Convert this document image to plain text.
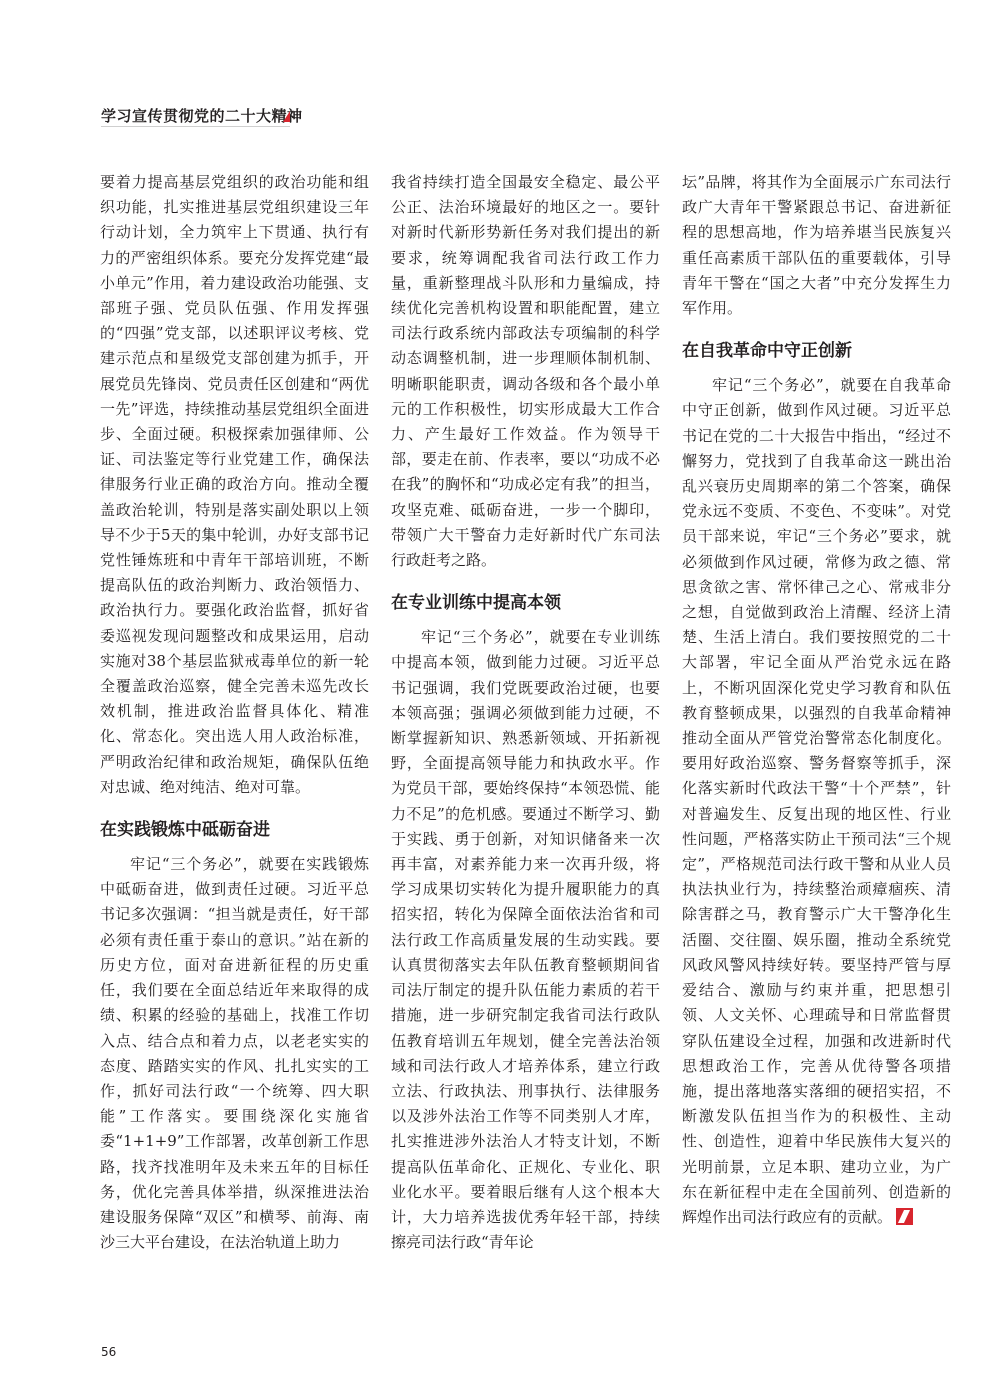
学习宣传贯彻党的二十大精神

要着力提高基层党组织的政治功能和组织功能，扎实推进基层党组织建设三年行动计划，全力筑牢上下贯通、执行有力的严密组织体系。要充分发挥党建“最小单元”作用，着力建设政治功能强、支部班子强、党员队伍强、作用发挥强的“四强”党支部，以述职评议考核、党建示范点和星级党支部创建为抓手，开展党员先锋岗、党员责任区创建和“两优一先”评选，持续推动基层党组织全面进步、全面过硬。积极探索加强律师、公证、司法鉴定等行业党建工作，确保法律服务行业正确的政治方向。推动全覆盖政治轮训，特别是落实副处职以上领导不少于5天的集中轮训，办好支部书记党性锤炼班和中青年干部培训班，不断提高队伍的政治判断力、政治领悟力、政治执行力。要强化政治监督，抓好省委巡视发现问题整改和成果运用，启动实施对38个基层监狱戒毒单位的新一轮全覆盖政治巡察，健全完善未巡先改长效机制，推进政治监督具体化、精准化、常态化。突出选人用人政治标准，严明政治纪律和政治规矩，确保队伍绝对忠诚、绝对纯洁、绝对可靠。

在实践锻炼中砥砺奋进

牢记“三个务必”，就要在实践锻炼中砥砺奋进，做到责任过硬。习近平总书记多次强调：“担当就是责任，好干部必须有责任重于泰山的意识。”站在新的历史方位，面对奋进新征程的历史重任，我们要在全面总结近年来取得的成绩、积累的经验的基础上，找准工作切入点、结合点和着力点，以老老实实的态度、踏踏实实的作风、扎扎实实的工作，抓好司法行政“一个统筹、四大职能”工作落实。要围绕深化实施省委“1+1+9”工作部署，改革创新工作思路，找齐找准明年及未来五年的目标任务，优化完善具体举措，纵深推进法治建设服务保障“双区”和横琴、前海、南沙三大平台建设，在法治轨道上助力

我省持续打造全国最安全稳定、最公平公正、法治环境最好的地区之一。要针对新时代新形势新任务对我们提出的新要求，统筹调配我省司法行政工作力量，重新整理战斗队形和力量编成，持续优化完善机构设置和职能配置，建立司法行政系统内部政法专项编制的科学动态调整机制，进一步理顺体制机制、明晰职能职责，调动各级和各个最小单元的工作积极性，切实形成最大工作合力、产生最好工作效益。作为领导干部，要走在前、作表率，要以“功成不必在我”的胸怀和“功成必定有我”的担当，攻坚克难、砥砺奋进，一步一个脚印，带领广大干警奋力走好新时代广东司法行政赶考之路。

在专业训练中提高本领

牢记“三个务必”，就要在专业训练中提高本领，做到能力过硬。习近平总书记强调，我们党既要政治过硬，也要本领高强；强调必须做到能力过硬，不断掌握新知识、熟悉新领域、开拓新视野，全面提高领导能力和执政水平。作为党员干部，要始终保持“本领恐慌、能力不足”的危机感。要通过不断学习、勤于实践、勇于创新，对知识储备来一次再丰富，对素养能力来一次再升级，将学习成果切实转化为提升履职能力的真招实招，转化为保障全面依法治省和司法行政工作高质量发展的生动实践。要认真贯彻落实去年队伍教育整顿期间省司法厅制定的提升队伍能力素质的若干措施，进一步研究制定我省司法行政队伍教育培训五年规划，健全完善法治领域和司法行政人才培养体系，建立行政立法、行政执法、刑事执行、法律服务以及涉外法治工作等不同类别人才库，扎实推进涉外法治人才特支计划，不断提高队伍革命化、正规化、专业化、职业化水平。要着眼后继有人这个根本大计，大力培养选拔优秀年轻干部，持续擦亮司法行政“青年论

坛”品牌，将其作为全面展示广东司法行政广大青年干警紧跟总书记、奋进新征程的思想高地，作为培养堪当民族复兴重任高素质干部队伍的重要载体，引导青年干警在“国之大者”中充分发挥生力军作用。

在自我革命中守正创新

牢记“三个务必”，就要在自我革命中守正创新，做到作风过硬。习近平总书记在党的二十大报告中指出，“经过不懈努力，党找到了自我革命这一跳出治乱兴衰历史周期率的第二个答案，确保党永远不变质、不变色、不变味”。对党员干部来说，牢记“三个务必”要求，就必须做到作风过硬，常修为政之德、常思贪欲之害、常怀律己之心、常戒非分之想，自觉做到政治上清醒、经济上清楚、生活上清白。我们要按照党的二十大部署，牢记全面从严治党永远在路上，不断巩固深化党史学习教育和队伍教育整顿成果，以强烈的自我革命精神推动全面从严管党治警常态化制度化。要用好政治巡察、警务督察等抓手，深化落实新时代政法干警“十个严禁”，针对普遍发生、反复出现的地区性、行业性问题，严格落实防止干预司法“三个规定”，严格规范司法行政干警和从业人员执法执业行为，持续整治顽瘴痼疾、清除害群之马，教育警示广大干警净化生活圈、交往圈、娱乐圈，推动全系统党风政风警风持续好转。要坚持严管与厚爱结合、激励与约束并重，把思想引领、人文关怀、心理疏导和日常监督贯穿队伍建设全过程，加强和改进新时代思想政治工作，完善从优待警各项措施，提出落地落实落细的硬招实招，不断激发队伍担当作为的积极性、主动性、创造性，迎着中华民族伟大复兴的光明前景，立足本职、建功立业，为广东在新征程中走在全国前列、创造新的辉煌作出司法行政应有的贡献。

56
